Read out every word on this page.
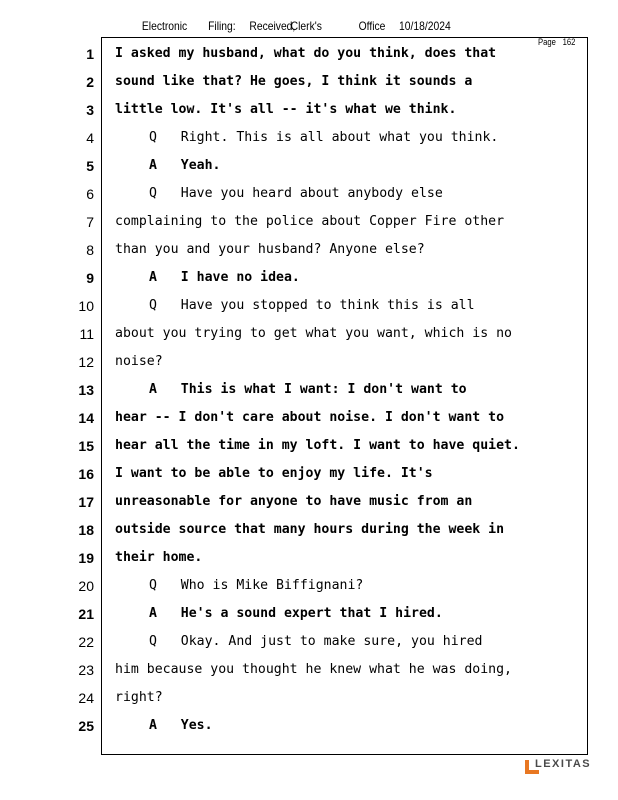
Electronic Filing: Received,
Clerk's	Office 10/18/2024
Page 162
1 I asked my husband, what do you think, does that
2 sound like that? He goes, I think it sounds a
3 little low. It's all -- it's what we think.
4	Q   Right. This is all about what you think.
5	A   Yeah.
6	Q   Have you heard about anybody else
7 complaining to the police about Copper Fire other
8 than you and your husband? Anyone else?
9	A   I have no idea.
10	Q   Have you stopped to think this is all
11 about you trying to get what you want, which is no
12 noise?
13	A   This is what I want: I don't want to
14 hear -- I don't care about noise. I don't want to
15 hear all the time in my loft. I want to have quiet.
16 I want to be able to enjoy my life. It's
17 unreasonable for anyone to have music from an
18 outside source that many hours during the week in
19 their home.
20	Q   Who is Mike Biffignani?
21	A   He's a sound expert that I hired.
22	Q   Okay. And just to make sure, you hired
23 him because you thought he knew what he was doing,
24 right?
25	A   Yes.
LEXITAS
